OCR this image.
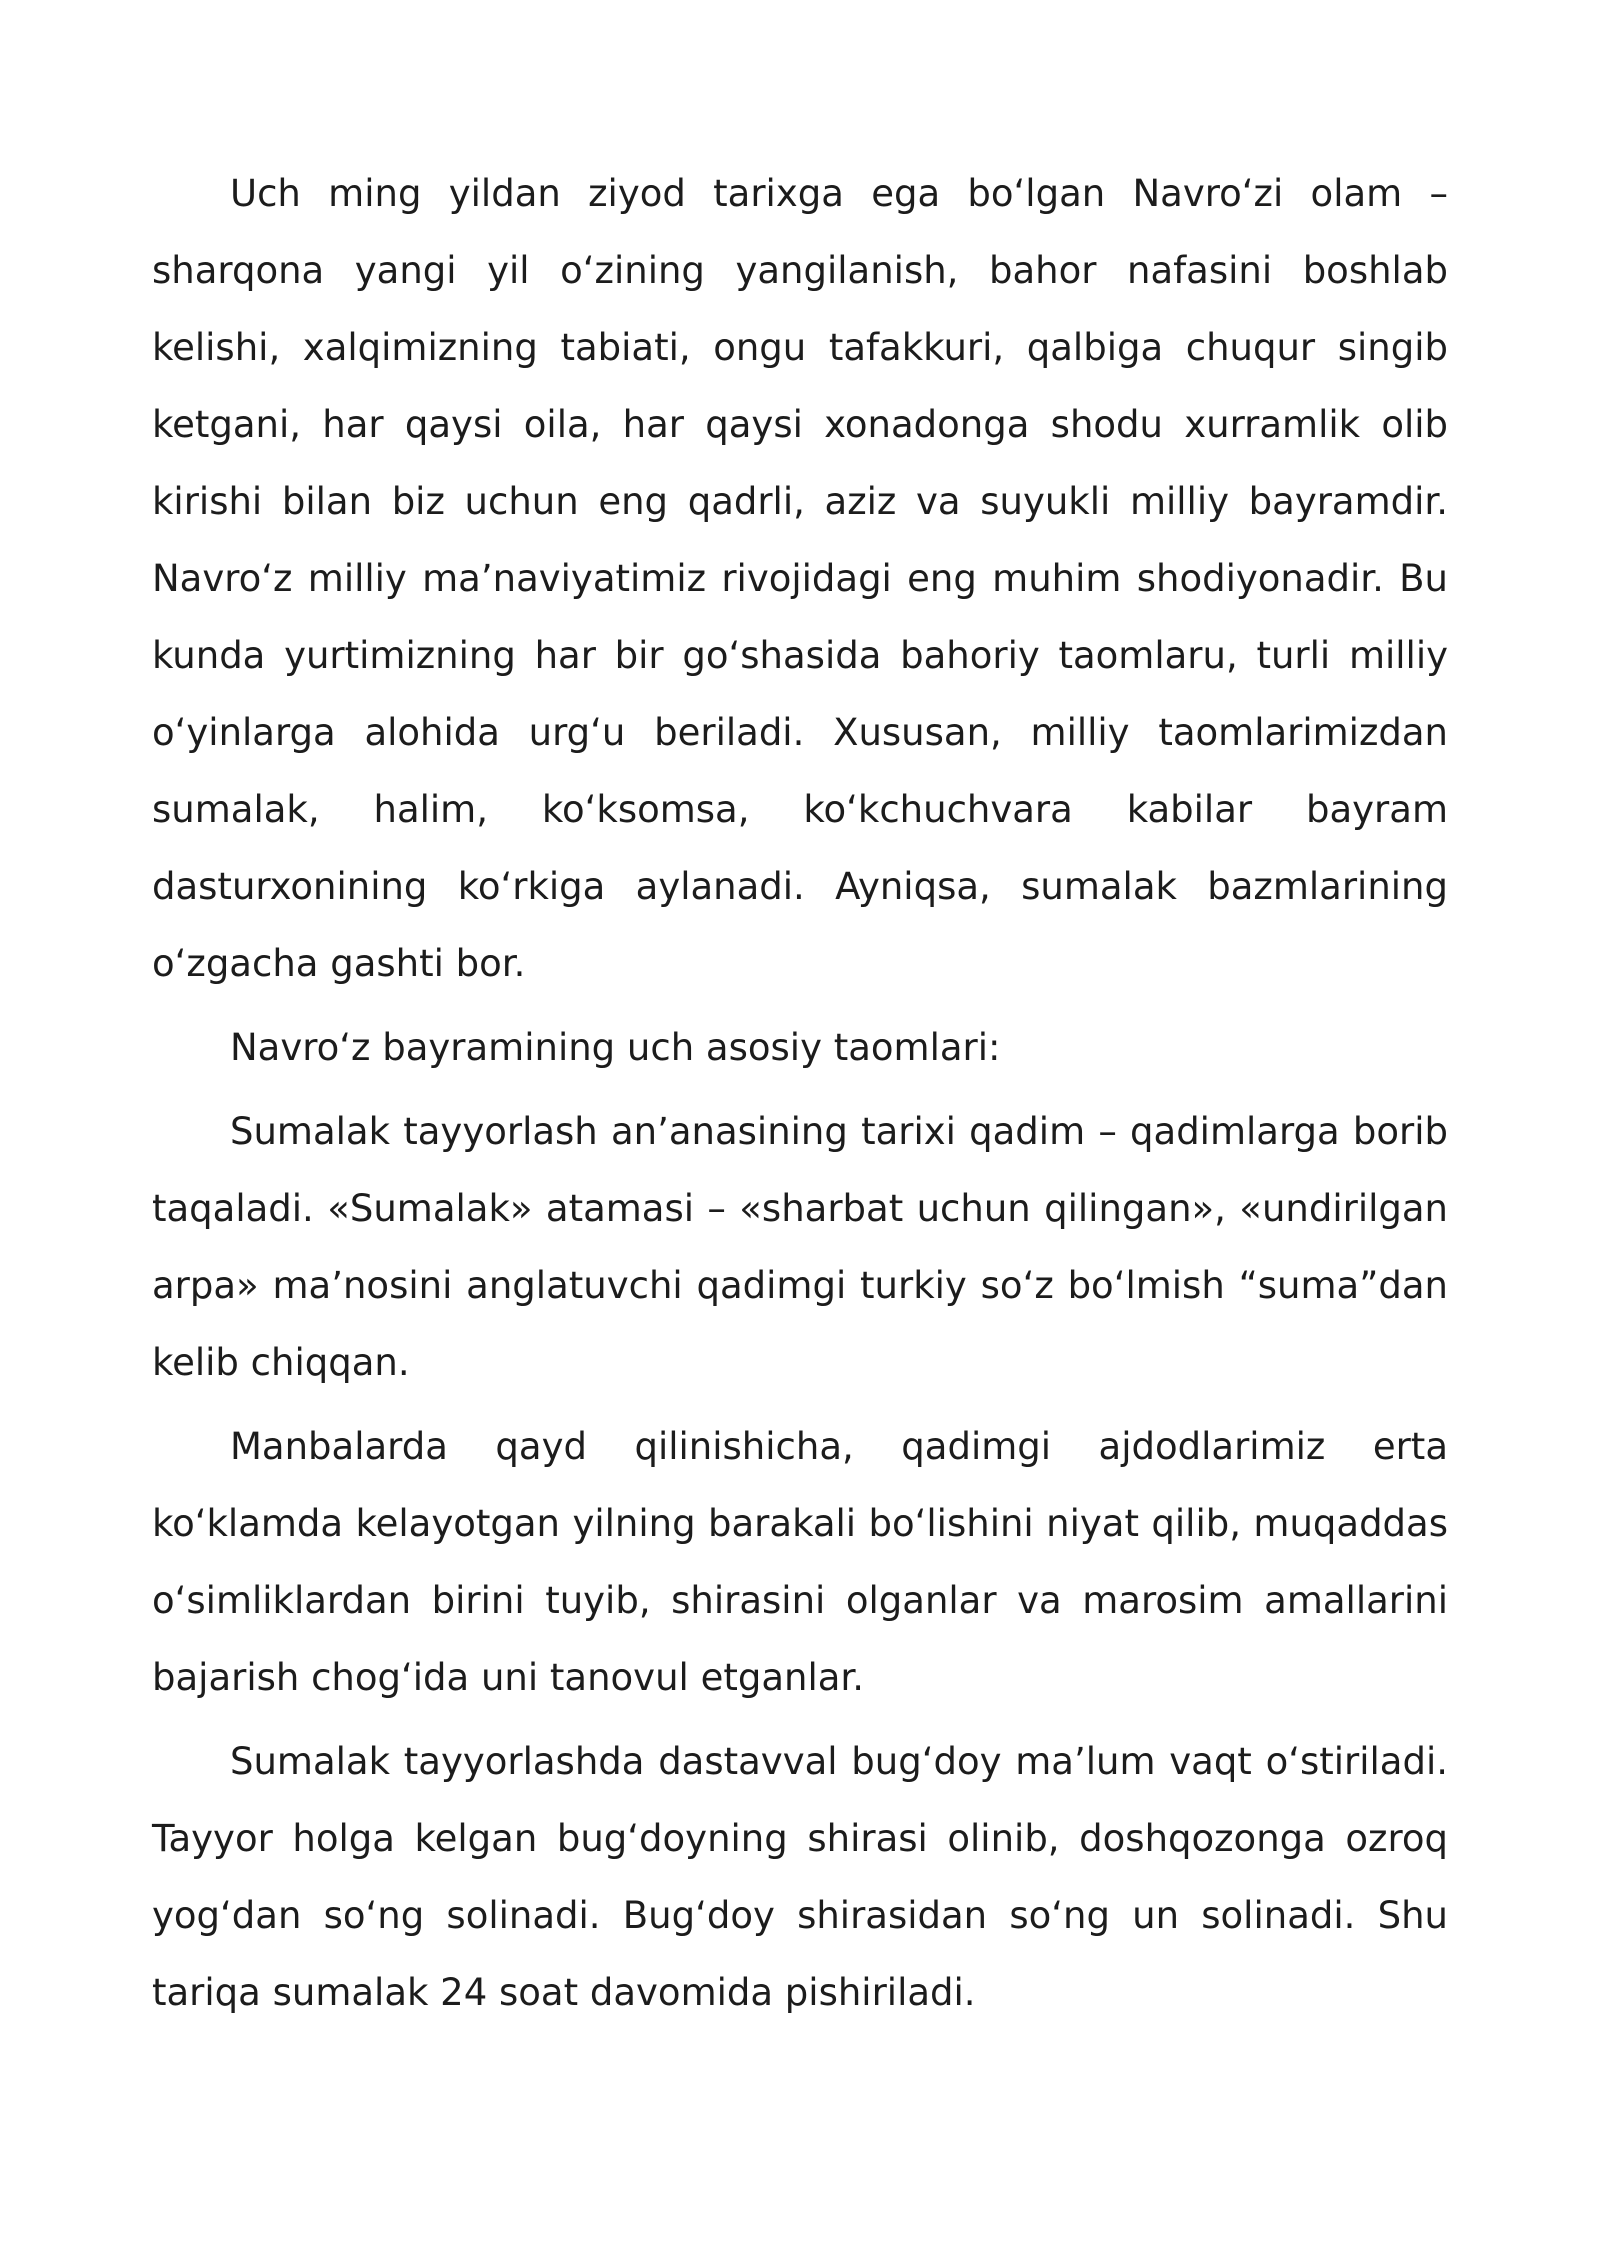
Uch ming yildan ziyod tarixga ega bo‘lgan Navro‘zi olam – sharqona yangi yil o‘zining yangilanish, bahor nafasini boshlab kelishi, xalqimizning tabiati, ongu tafakkuri, qalbiga chuqur singib ketgani, har qaysi oila, har qaysi xonadonga shodu xurramlik olib kirishi bilan biz uchun eng qadrli, aziz va suyukli milliy bayramdir. Navro‘z milliy ma’naviyatimiz rivojidagi eng muhim shodiyonadir. Bu kunda yurtimizning har bir go‘shasida bahoriy taomlaru, turli milliy o‘yinlarga alohida urg‘u beriladi. Xususan, milliy taomlarimizdan sumalak, halim, ko‘ksomsa, ko‘kchuchvara kabilar bayram dasturxonining ko‘rkiga aylanadi. Ayniqsa, sumalak bazmlarining o‘zgacha gashti bor.

Navro‘z bayramining uch asosiy taomlari:

Sumalak tayyorlash an’anasining tarixi qadim – qadimlarga borib taqaladi. «Sumalak» atamasi – «sharbat uchun qilingan», «undirilgan arpa» ma’nosini anglatuvchi qadimgi turkiy so‘z bo‘lmish “suma”dan kelib chiqqan.

Manbalarda qayd qilinishicha, qadimgi ajdodlarimiz erta ko‘klamda kelayotgan yilning barakali bo‘lishini niyat qilib, muqaddas o‘simliklardan birini tuyib, shirasini olganlar va marosim amallarini bajarish chog‘ida uni tanovul etganlar.

Sumalak tayyorlashda dastavval bug‘doy ma’lum vaqt o‘stiriladi. Tayyor holga kelgan bug‘doyning shirasi olinib, doshqozonga ozroq yog‘dan so‘ng solinadi. Bug‘doy shirasidan so‘ng un solinadi. Shu tariqa sumalak 24 soat davomida pishiriladi.
